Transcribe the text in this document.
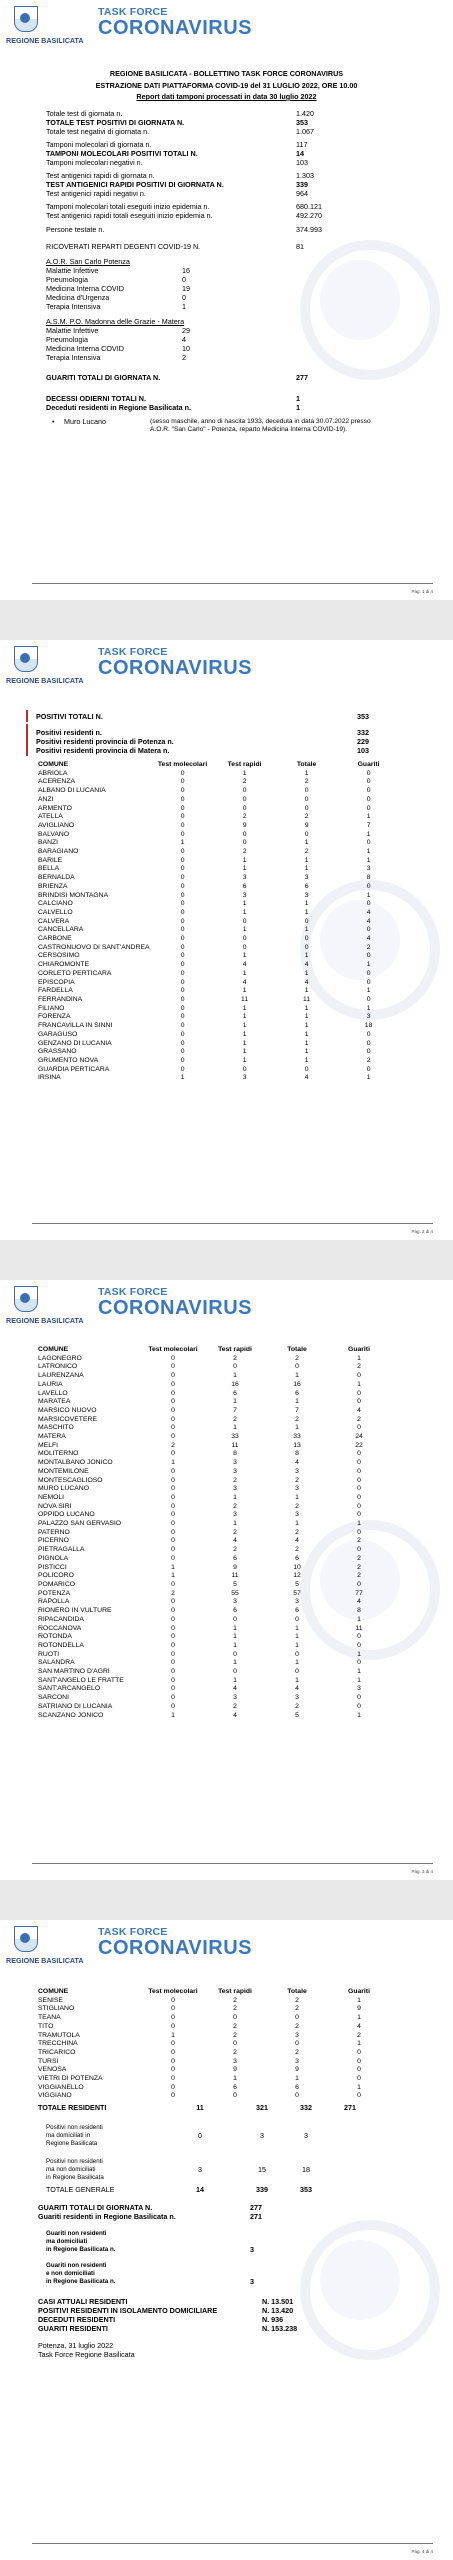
REGIONE BASILICATA
TASK FORCE
CORONAVIRUS
REGIONE BASILICATA - BOLLETTINO TASK FORCE CORONAVIRUS
ESTRAZIONE DATI PIATTAFORMA COVID-19 del 31 LUGLIO 2022, ORE 10.00
Report dati tamponi processati in data 30 luglio 2022
Totale test di giornata n.	1.420
TOTALE TEST POSITIVI DI GIORNATA N.	353
Totale test negativi di giornata n.	1.067
Tamponi molecolari di giornata n.	117
TAMPONI MOLECOLARI POSITIVI TOTALI N.	14
Tamponi molecolari negativi n.	103
Test antigenici rapidi di giornata n.	1.303
TEST ANTIGENICI RAPIDI POSITIVI DI GIORNATA N.	339
Test antigenici rapidi negativi n.	964
Tamponi molecolari totali eseguiti inizio epidemia n.	680.121
Test antigenici rapidi totali eseguiti inizio epidemia n.	492.270
Persone testate n.	374.993
RICOVERATI REPARTI DEGENTI COVID-19 N.	81
A.O.R. San Carlo Potenza
Malattie Infettive	16
Pneumologia	0
Medicina Interna COVID	19
Medicina d'Urgenza	0
Terapia Intensiva	1
A.S.M. P.O. Madonna delle Grazie - Matera
Malattie Infettive	29
Pneumologia	4
Medicina Interna COVID	10
Terapia Intensiva	2
GUARITI TOTALI DI GIORNATA N.	277
DECESSI ODIERNI TOTALI N.	1
Deceduti residenti in Regione Basilicata n.	1
• Muro Lucano	(sesso maschile, anno di nascita 1933, deceduta in data 30.07.2022 presso
A.O.R. "San Carlo" - Potenza, reparto Medicina Interna COVID-19).
Pag. 1 di 4
REGIONE BASILICATA
TASK FORCE
CORONAVIRUS
POSITIVI TOTALI N.	353
Positivi residenti n.	332
Positivi residenti provincia di Potenza n.	229
Positivi residenti provincia di Matera n.	103
COMUNE	Test molecolari	Test rapidi	Totale	Guariti
ABRIOLA	0	1	1	0
ACERENZA	0	2	2	0
ALBANO DI LUCANIA	0	0	0	0
ANZI	0	0	0	0
ARMENTO	0	0	0	0
ATELLA	0	2	2	1
AVIGLIANO	0	9	9	7
BALVANO	0	0	0	1
BANZI	1	0	1	0
BARAGIANO	0	2	2	1
BARILE	0	1	1	1
BELLA	0	1	1	3
BERNALDA	0	3	3	8
BRIENZA	0	6	6	0
BRINDISI MONTAGNA	0	3	3	1
CALCIANO	0	1	1	0
CALVELLO	0	1	1	4
CALVERA	0	0	0	4
CANCELLARA	0	1	1	0
CARBONE	0	0	0	4
CASTRONUOVO DI SANT'ANDREA	0	0	0	2
CERSOSIMO	0	1	1	0
CHIAROMONTE	0	4	4	1
CORLETO PERTICARA	0	1	1	0
EPISCOPIA	0	4	4	0
FARDELLA	0	1	1	1
FERRANDINA	0	11	11	0
FILIANO	0	1	1	1
FORENZA	0	1	1	3
FRANCAVILLA IN SINNI	0	1	1	18
GARAGUSO	0	1	1	0
GENZANO DI LUCANIA	0	1	1	0
GRASSANO	0	1	1	0
GRUMENTO NOVA	0	1	1	2
GUARDIA PERTICARA	0	0	0	0
IRSINA	1	3	4	1
Pag. 2 di 4
REGIONE BASILICATA
TASK FORCE
CORONAVIRUS
COMUNE	Test molecolari	Test rapidi	Totale	Guariti
LAGONEGRO	0	2	2	1
LATRONICO	0	0	0	2
LAURENZANA	0	1	1	0
LAURIA	0	16	16	1
LAVELLO	0	6	6	0
MARATEA	0	1	1	0
MARSICO NUOVO	0	7	7	4
MARSICOVETERE	0	2	2	2
MASCHITO	0	1	1	0
MATERA	0	33	33	24
MELFI	2	11	13	22
MOLITERNO	0	8	8	0
MONTALBANO JONICO	1	3	4	0
MONTEMILONE	0	3	3	0
MONTESCAGLIOSO	0	2	2	0
MURO LUCANO	0	3	3	0
NEMOLI	0	1	1	0
NOVA SIRI	0	2	2	0
OPPIDO LUCANO	0	3	3	0
PALAZZO SAN GERVASIO	0	1	1	1
PATERNO	0	2	2	0
PICERNO	0	4	4	2
PIETRAGALLA	0	2	2	0
PIGNOLA	0	6	6	2
PISTICCI	1	9	10	2
POLICORO	1	11	12	2
POMARICO	0	5	5	0
POTENZA	2	55	57	77
RAPOLLA	0	3	3	4
RIONERO IN VULTURE	0	6	6	8
RIPACANDIDA	0	0	0	1
ROCCANOVA	0	1	1	11
ROTONDA	0	1	1	0
ROTONDELLA	0	1	1	0
RUOTI	0	0	0	1
SALANDRA	0	1	1	0
SAN MARTINO D'AGRI	0	0	0	1
SANT'ANGELO LE FRATTE	0	1	1	1
SANT'ARCANGELO	0	4	4	3
SARCONI	0	3	3	0
SATRIANO DI LUCANIA	0	2	2	0
SCANZANO JONICO	1	4	5	1
Pag. 3 di 4
REGIONE BASILICATA
TASK FORCE
CORONAVIRUS
COMUNE	Test molecolari	Test rapidi	Totale	Guariti
SENISE	0	2	2	1
STIGLIANO	0	2	2	9
TEANA	0	0	0	1
TITO	0	2	2	4
TRAMUTOLA	1	2	3	2
TRECCHINA	0	0	0	1
TRICARICO	0	2	2	0
TURSI	0	3	3	0
VENOSA	0	9	9	0
VIETRI DI POTENZA	0	1	1	0
VIGGIANELLO	0	6	6	1
VIGGIANO	0	0	0	0
TOTALE RESIDENTI	11	321	332	271
Positivi non residenti
ma domiciliati in
Regione Basilicata
0	3	3
Positivi non residenti
ma non domiciliati
in Regione Basilicata
3	15	18
TOTALE GENERALE	14	339	353
GUARITI TOTALI DI GIORNATA N.	277
Guariti residenti in Regione Basilicata n.	271
Guariti non residenti
ma domiciliati
in Regione Basilicata n.	3
Guariti non residenti
e non domiciliati
in Regione Basilicata n.	3
CASI ATTUALI RESIDENTI	N. 13.501
POSITIVI RESIDENTI IN ISOLAMENTO DOMICILIARE	N. 13.420
DECEDUTI RESIDENTI	N. 936
GUARITI RESIDENTI	N. 153.238
Potenza, 31 luglio 2022
Task Force Regione Basilicata
Pag. 4 di 4
